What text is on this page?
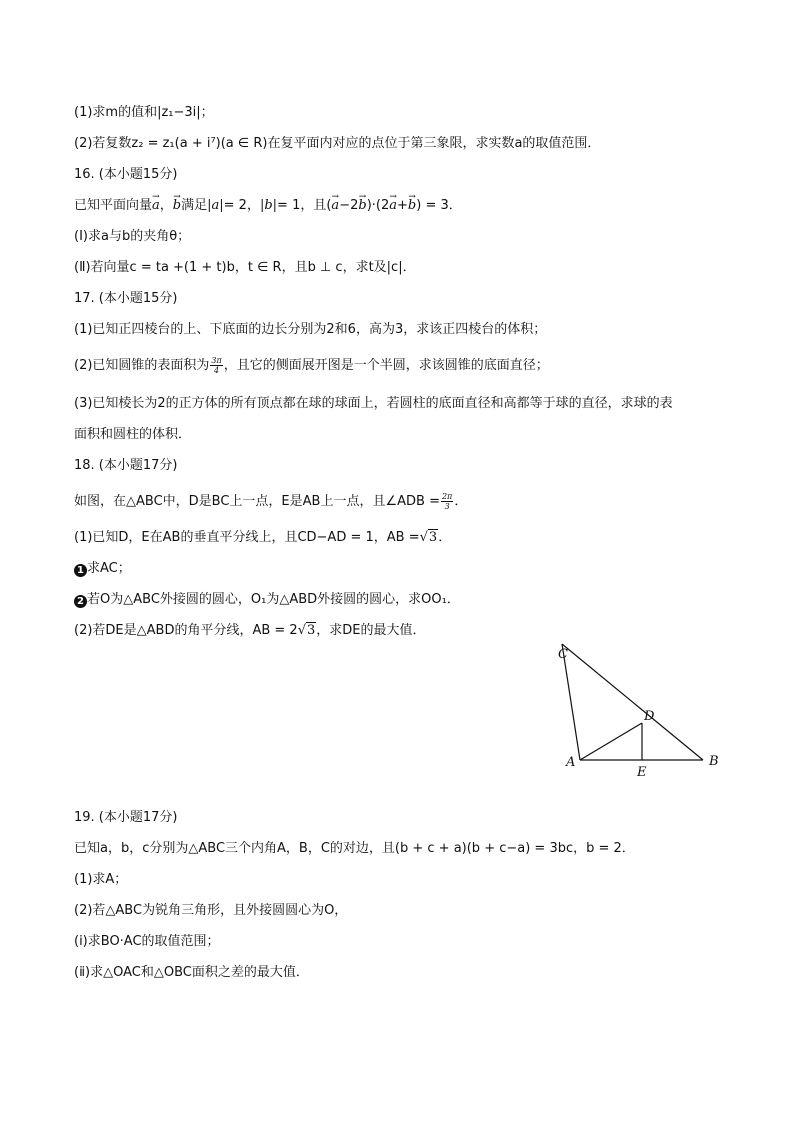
(1)求m的值和|z₁−3i|；
(2)若复数z₂ = z₁(a + i⁷)(a ∈ R)在复平面内对应的点位于第三象限，求实数a的取值范围．
16. (本小题15分)
已知平面向量→ a，→ b满足|a|= 2，|b|= 1，且(→ a−2→ b)·(2→ a+→ b) = 3．
(Ⅰ)求a与b的夹角θ；
(Ⅱ)若向量c = ta +(1 + t)b，t ∈ R，且b ⊥ c，求t及|c|．
17. (本小题15分)
(1)已知正四棱台的上、下底面的边长分别为2和6，高为3，求该正四棱台的体积；
(2)已知圆锥的表面积为 $\frac{3\pi}{4}$ ，且它的侧面展开图是一个半圆，求该圆锥的底面直径；
(3)已知棱长为2的正方体的所有顶点都在球的球面上，若圆柱的底面直径和高都等于球的直径，求球的表
面积和圆柱的体积．
18. (本小题17分)
如图，在△ABC中，D是BC上一点，E是AB上一点，且∠ADB = $\frac{2\pi}{3}$ ．
(1)已知D，E在AB的垂直平分线上，且CD−AD = 1，AB =√3．
1 求AC；
2 若O为△ABC外接圆的圆心，O₁为△ABD外接圆的圆心，求OO₁．
(2)若DE是△ABD的角平分线，AB = 2√3，求DE的最大值．
C
D
A
E
B
19. (本小题17分)
已知a，b，c分别为△ABC三个内角A，B，C的对边，且(b + c + a)(b + c−a) = 3bc，b = 2．
(1)求A；
(2)若△ABC为锐角三角形，且外接圆圆心为O，
(ⅰ)求BO·AC的取值范围；
(ⅱ)求△OAC和△OBC面积之差的最大值．
